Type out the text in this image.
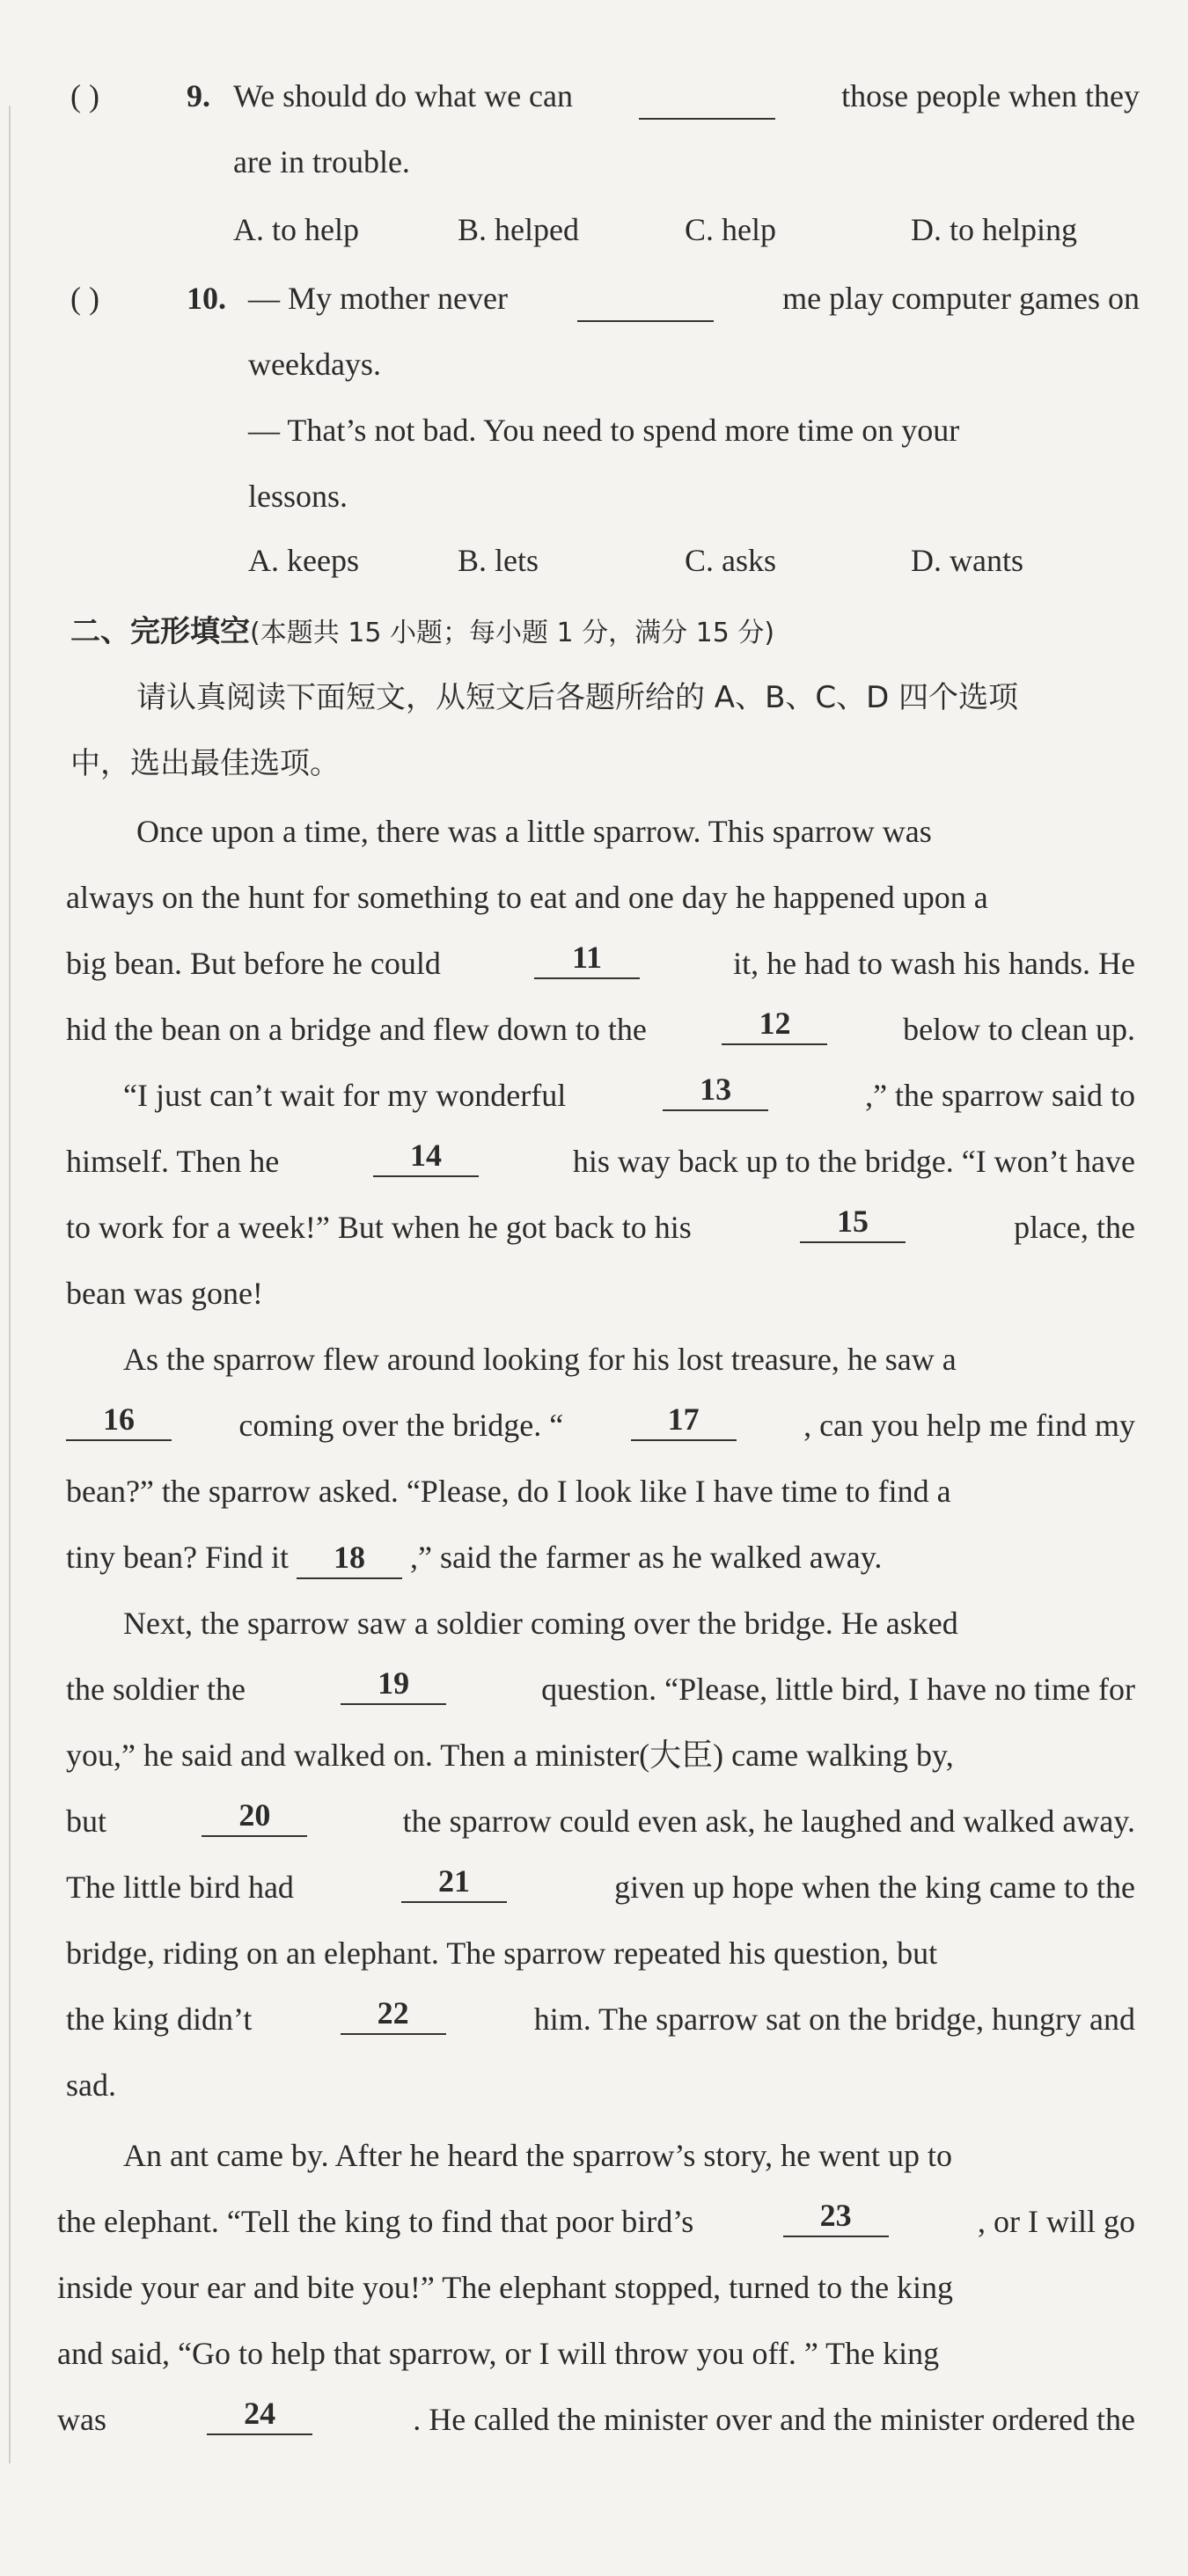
( )	9. We should do what we can	those people when they
are in trouble.
A. to help	B. helped	C. help	D. to helping
( )	10. — My mother never	me play computer games on
weekdays.
— That’s not bad. You need to spend more time on your
lessons.
A. keeps	B. lets	C. asks	D. wants
二、完形填空(本题共 15 小题；每小题 1 分，满分 15 分)
请认真阅读下面短文，从短文后各题所给的 A、B、C、D 四个选项
中，选出最佳选项。
Once upon a time, there was a little sparrow. This sparrow was
always on the hunt for something to eat and one day he happened upon a
big bean. But before he could	11	it, he had to wash his hands. He
hid the bean on a bridge and flew down to the	12	below to clean up.
“I just can’t wait for my wonderful	13	,” the sparrow said to
himself. Then he	14	his way back up to the bridge. “I won’t have
to work for a week!” But when he got back to his	15	place, the
bean was gone!
As the sparrow flew around looking for his lost treasure, he saw a
16	coming over the bridge. “	17	, can you help me find my
bean?” the sparrow asked. “Please, do I look like I have time to find a
tiny bean? Find it 18 ,” said the farmer as he walked away.
Next, the sparrow saw a soldier coming over the bridge. He asked
the soldier the	19	question. “Please, little bird, I have no time for
you,” he said and walked on. Then a minister(大臣) came walking by,
but	20	the sparrow could even ask, he laughed and walked away.
The little bird had	21	given up hope when the king came to the
bridge, riding on an elephant. The sparrow repeated his question, but
the king didn’t	22	him. The sparrow sat on the bridge, hungry and
sad.
An ant came by. After he heard the sparrow’s story, he went up to
the elephant. “Tell the king to find that poor bird’s	23	, or I will go
inside your ear and bite you!” The elephant stopped, turned to the king
and said, “Go to help that sparrow, or I will throw you off. ” The king
was	24	. He called the minister over and the minister ordered the
